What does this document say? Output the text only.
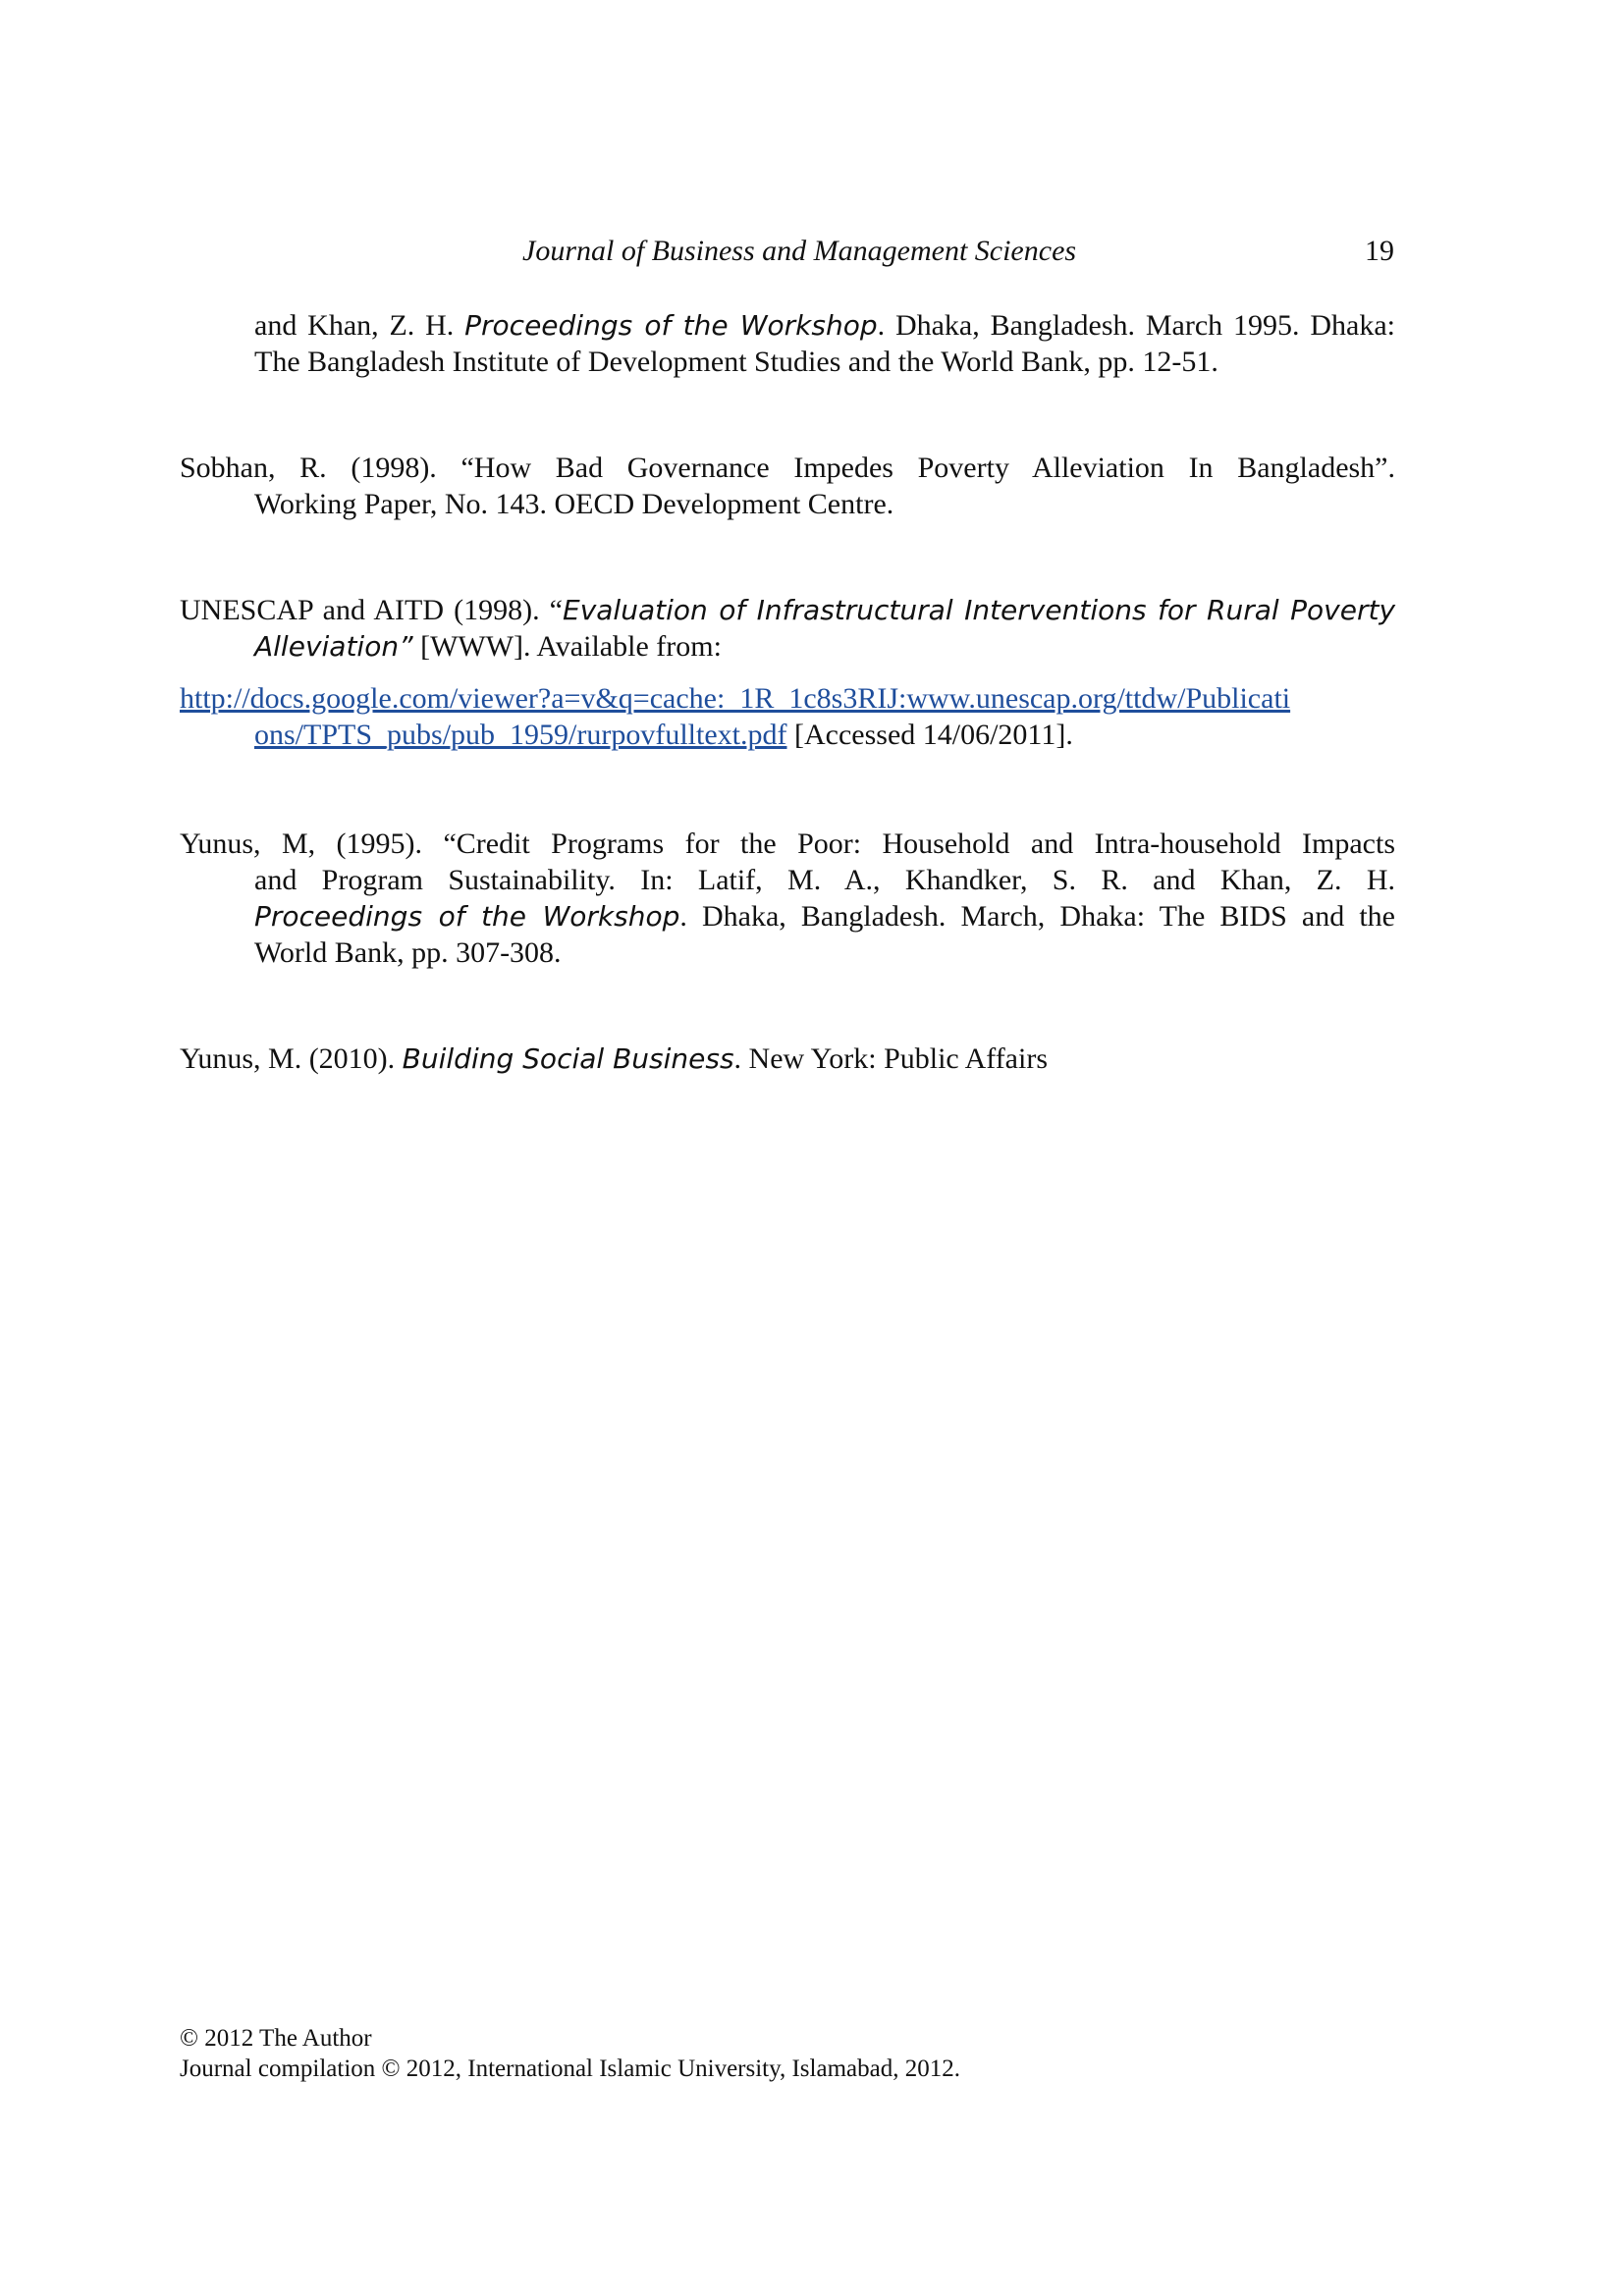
Journal of Business and Management Sciences	19
and Khan, Z. H. Proceedings of the Workshop. Dhaka, Bangladesh. March 1995. Dhaka:
The Bangladesh Institute of Development Studies and the World Bank, pp. 12-51.
Sobhan, R. (1998). “How Bad Governance Impedes Poverty Alleviation In Bangladesh”.
Working Paper, No. 143. OECD Development Centre.
UNESCAP and AITD (1998). “Evaluation of Infrastructural Interventions for Rural Poverty
Alleviation” [WWW]. Available from:
http://docs.google.com/viewer?a=v&q=cache:_1R_1c8s3RIJ:www.unescap.org/ttdw/Publicati
ons/TPTS_pubs/pub_1959/rurpovfulltext.pdf [Accessed 14/06/2011].
Yunus, M, (1995). “Credit Programs for the Poor: Household and Intra-household Impacts
and Program Sustainability. In: Latif, M. A., Khandker, S. R. and Khan, Z. H.
Proceedings of the Workshop. Dhaka, Bangladesh. March, Dhaka: The BIDS and the
World Bank, pp. 307-308.
Yunus, M. (2010). Building Social Business. New York: Public Affairs
© 2012 The Author
Journal compilation © 2012, International Islamic University, Islamabad, 2012.
